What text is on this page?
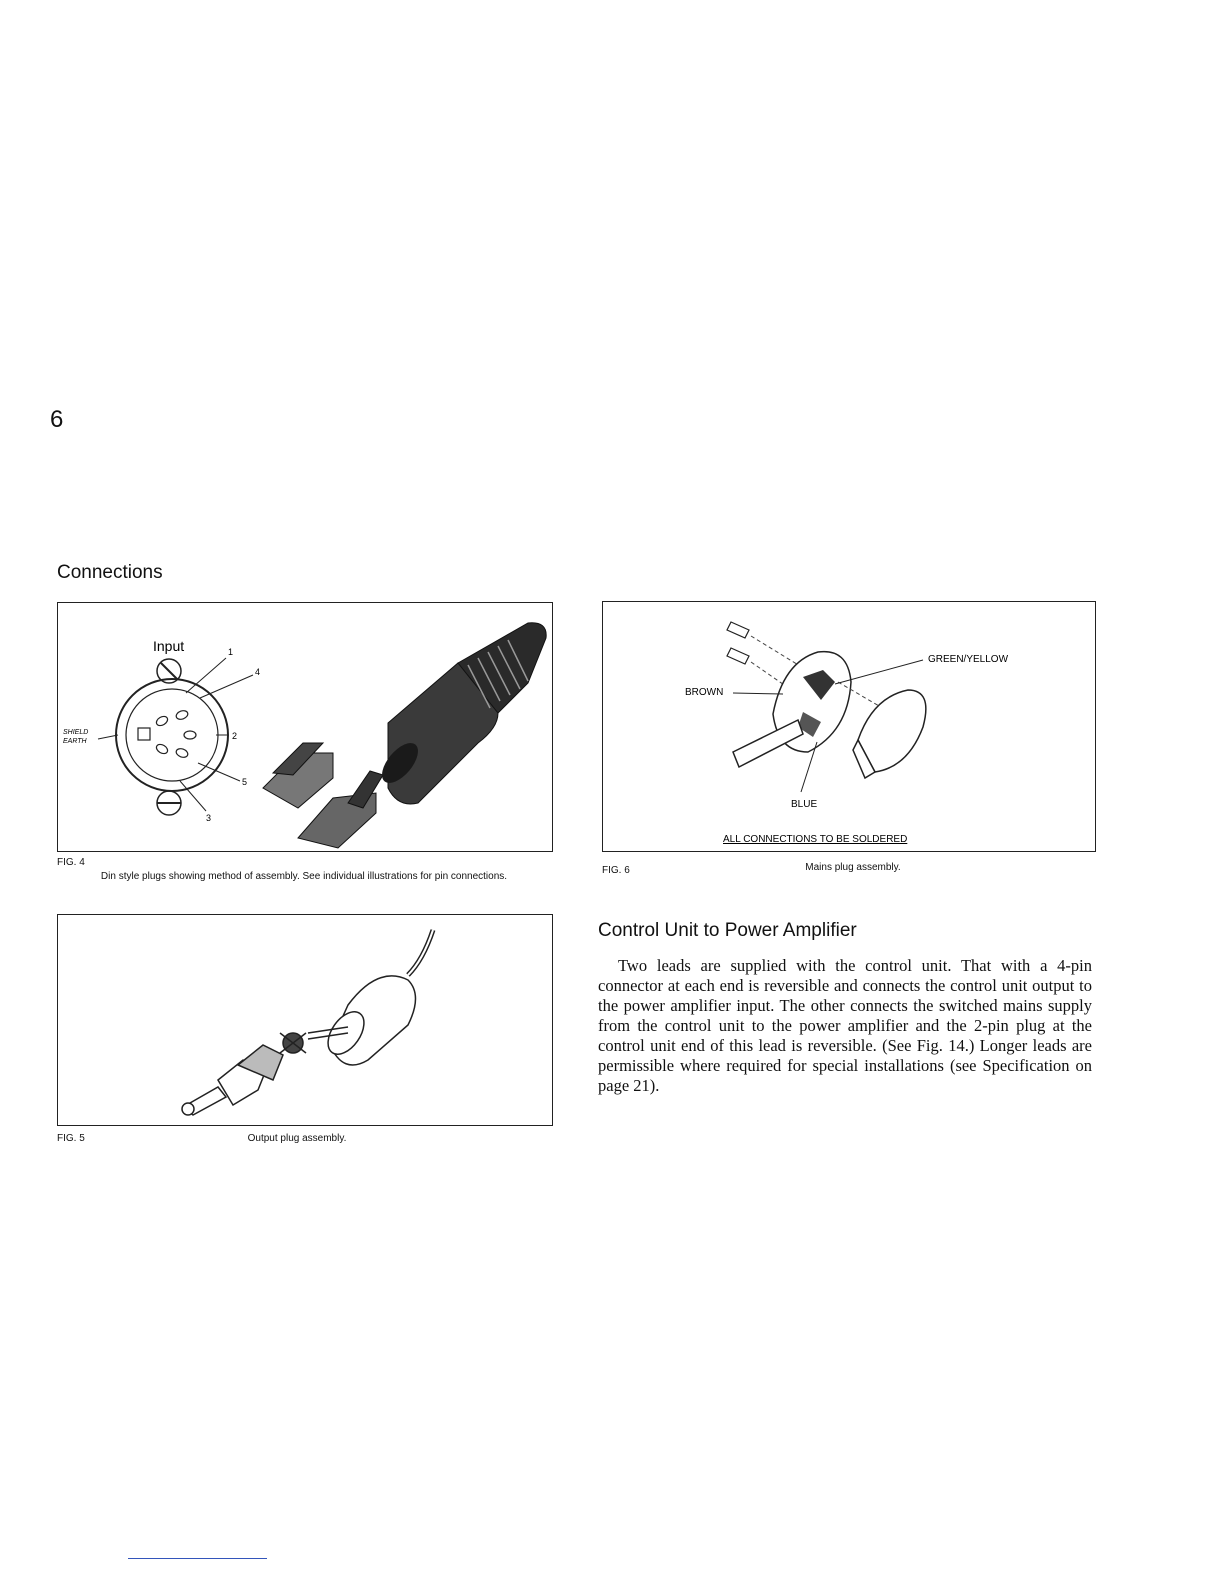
6
Connections
Input	1
4
2
5
3
SHIELD
EARTH
FIG. 4
Din style plugs showing method of assembly. See individual illustrations for pin connections.
FIG. 5	Output plug assembly.
GREEN/YELLOW
BROWN
BLUE
ALL CONNECTIONS TO BE SOLDERED
FIG. 6	Mains plug assembly.
Control Unit to Power Amplifier

Two leads are supplied with the control unit. That with a 4-pin connector at each end is reversible and connects the control unit output to the power amplifier input. The other connects the switched mains supply from the control unit to the power amplifier and the 2-pin plug at the control unit end of this lead is reversible. (See Fig. 14.) Longer leads are permissible where required for special installations (see Specification on page 21).
